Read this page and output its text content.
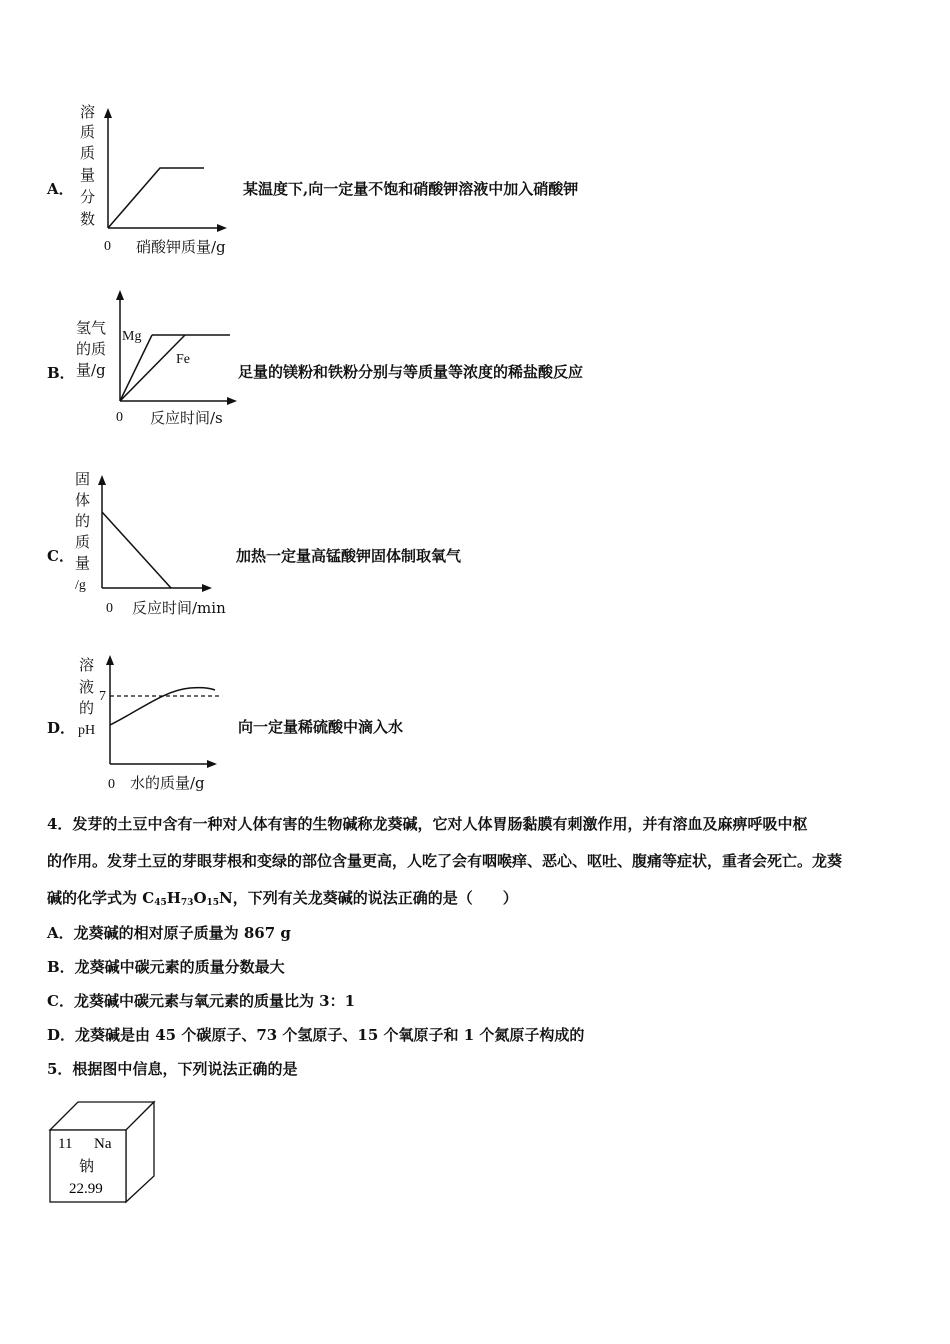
A．
溶
质
质
量
分
数
0 硝酸钾质量/g
某温度下,向一定量不饱和硝酸钾溶液中加入硝酸钾
B．
氢气
的质
量/g
Mg
Fe
0 反应时间/s
足量的镁粉和铁粉分别与等质量等浓度的稀盐酸反应
C．
固
体
的
质
量
/g
0 反应时间/min
加热一定量高锰酸钾固体制取氧气
D．
溶
液
的
pH
7
0 水的质量/g
向一定量稀硫酸中滴入水
4．发芽的土豆中含有一种对人体有害的生物碱称龙葵碱，它对人体胃肠黏膜有刺激作用，并有溶血及麻痹呼吸中枢
的作用。发芽土豆的芽眼芽根和变绿的部位含量更高，人吃了会有咽喉痒、恶心、呕吐、腹痛等症状，重者会死亡。龙葵
碱的化学式为 $C_{45}H_{73}O_{15}N$，下列有关龙葵碱的说法正确的是（　　）
A．龙葵碱的相对原子质量为 867 g
B．龙葵碱中碳元素的质量分数最大
C．龙葵碱中碳元素与氧元素的质量比为 3：1
D．龙葵碱是由 45 个碳原子、73 个氢原子、15 个氧原子和 1 个氮原子构成的
5．根据图中信息，下列说法正确的是
11 Na
钠
22.99
